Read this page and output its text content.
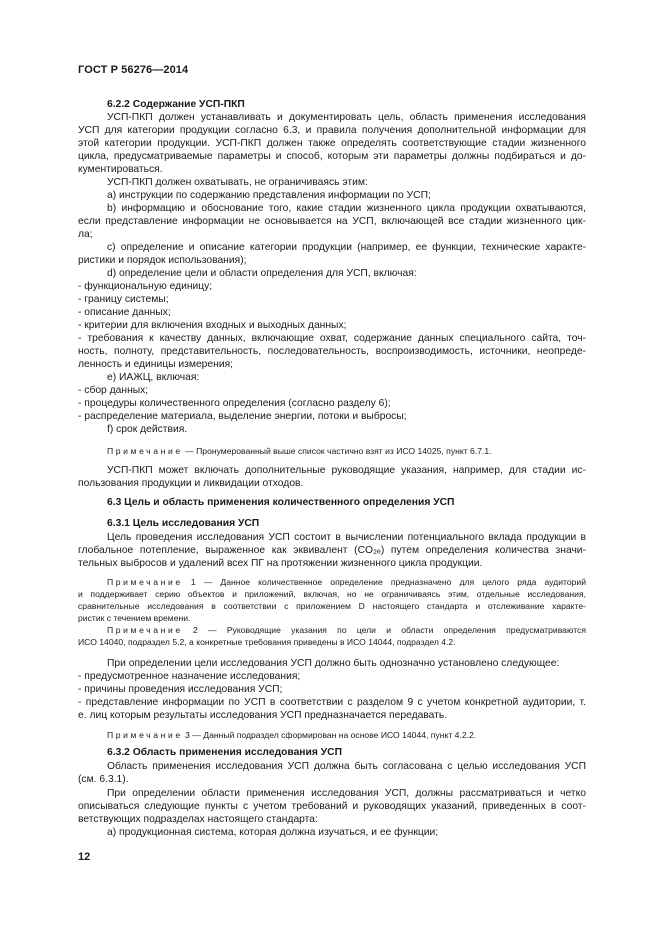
ГОСТ Р 56276—2014
6.2.2 Содержание УСП-ПКП
УСП-ПКП должен устанавливать и документировать цель, область применения исследования
УСП для категории продукции согласно 6.3, и правила получения дополнительной информации для
этой категории продукции. УСП-ПКП должен также определять соответствующие стадии жизненного
цикла, предусматриваемые параметры и способ, которым эти параметры должны подбираться и до-
кументироваться.
УСП-ПКП должен охватывать, не ограничиваясь этим:
а) инструкции по содержанию представления информации по УСП;
b) информацию и обоснование того, какие стадии жизненного цикла продукции охватываются,
если представление информации не основывается на УСП, включающей все стадии жизненного цик-
ла;
с) определение и описание категории продукции (например, ее функции, технические характе-
ристики и порядок использования);
d) определение цели и области определения для УСП, включая:
- функциональную единицу;
- границу системы;
- описание данных;
- критерии для включения входных и выходных данных;
- требования к качеству данных, включающие охват, содержание данных специального сайта, точ-
ность, полноту, представительность, последовательность, воспроизводимость, источники, неопреде-
ленность и единицы измерения;
е) ИАЖЦ, включая:
- сбор данных;
- процедуры количественного определения (согласно разделу 6);
- распределение материала, выделение энергии, потоки и выбросы;
f) срок действия.
Примечание — Пронумерованный выше список частично взят из ИСО 14025, пункт 6.7.1.
УСП-ПКП может включать дополнительные руководящие указания, например, для стадии ис-
пользования продукции и ликвидации отходов.
6.3 Цель и область применения количественного определения УСП
6.3.1 Цель исследования УСП
Цель проведения исследования УСП состоит в вычислении потенциального вклада продукции в
глобальное потепление, выраженное как эквивалент (CO₂ₑ) путем определения количества значи-
тельных выбросов и удалений всех ПГ на протяжении жизненного цикла продукции.
Примечание 1 — Данное количественное определение предназначено для целого ряда аудиторий
и поддерживает серию объектов и приложений, включая, но не ограничиваясь этим, отдельные исследования,
сравнительные исследования в соответствии с приложением D настоящего стандарта и отслеживание характе-
ристик с течением времени.
Примечание 2 — Руководящие указания по цели и области определения предусматриваются
ИСО 14040, подраздел 5.2, а конкретные требования приведены в ИСО 14044, подраздел 4.2.
При определении цели исследования УСП должно быть однозначно установлено следующее:
- предусмотренное назначение исследования;
- причины проведения исследования УСП;
- представление информации по УСП в соответствии с разделом 9 с учетом конкретной аудитории, т.
е. лиц которым результаты исследования УСП предназначается передавать.
Примечание 3 — Данный подраздел сформирован на основе ИСО 14044, пункт 4.2.2.
6.3.2 Область применения исследования УСП
Область применения исследования УСП должна быть согласована с целью исследования УСП
(см. 6.3.1).
При определении области применения исследования УСП, должны рассматриваться и четко
описываться следующие пункты с учетом требований и руководящих указаний, приведенных в соот-
ветствующих подразделах настоящего стандарта:
а) продукционная система, которая должна изучаться, и ее функции;
12
